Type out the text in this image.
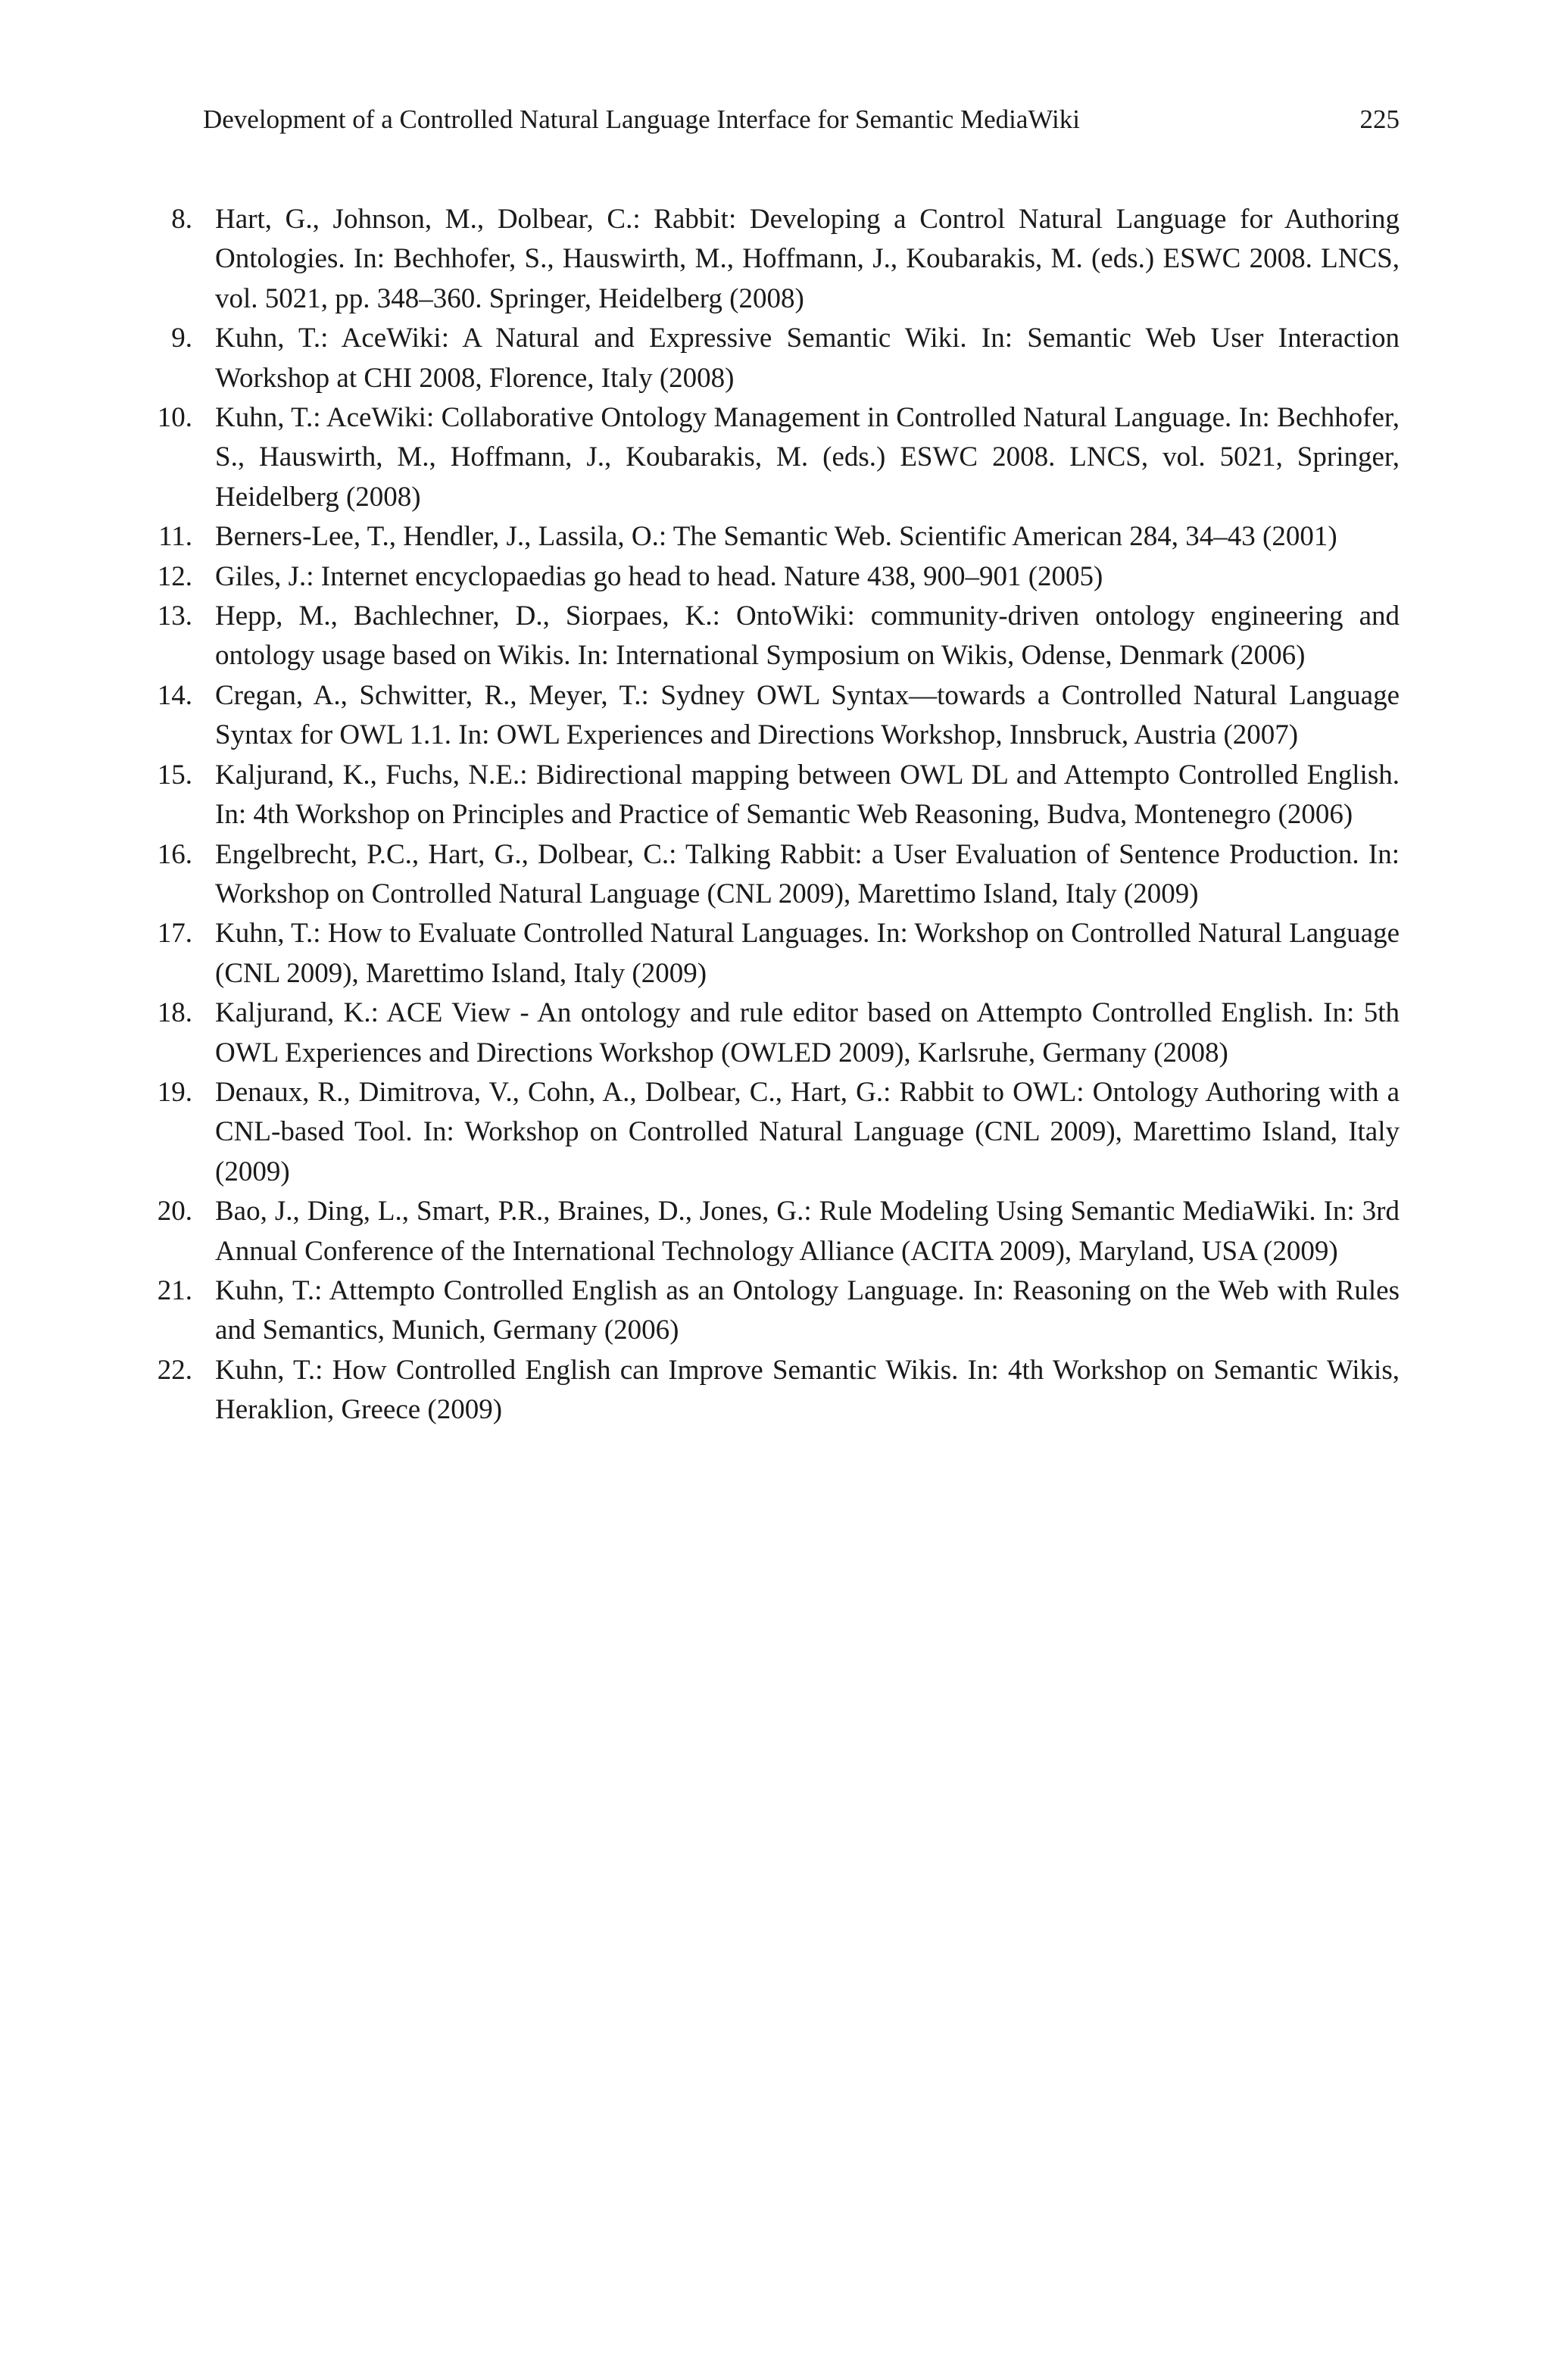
Development of a Controlled Natural Language Interface for Semantic MediaWiki	225
8. Hart, G., Johnson, M., Dolbear, C.: Rabbit: Developing a Control Natural Language for Authoring Ontologies. In: Bechhofer, S., Hauswirth, M., Hoffmann, J., Koubarakis, M. (eds.) ESWC 2008. LNCS, vol. 5021, pp. 348–360. Springer, Heidelberg (2008)
9. Kuhn, T.: AceWiki: A Natural and Expressive Semantic Wiki. In: Semantic Web User Interaction Workshop at CHI 2008, Florence, Italy (2008)
10. Kuhn, T.: AceWiki: Collaborative Ontology Management in Controlled Natural Language. In: Bechhofer, S., Hauswirth, M., Hoffmann, J., Koubarakis, M. (eds.) ESWC 2008. LNCS, vol. 5021, Springer, Heidelberg (2008)
11. Berners-Lee, T., Hendler, J., Lassila, O.: The Semantic Web. Scientific American 284, 34–43 (2001)
12. Giles, J.: Internet encyclopaedias go head to head. Nature 438, 900–901 (2005)
13. Hepp, M., Bachlechner, D., Siorpaes, K.: OntoWiki: community-driven ontology engineering and ontology usage based on Wikis. In: International Symposium on Wikis, Odense, Denmark (2006)
14. Cregan, A., Schwitter, R., Meyer, T.: Sydney OWL Syntax—towards a Controlled Natural Language Syntax for OWL 1.1. In: OWL Experiences and Directions Workshop, Innsbruck, Austria (2007)
15. Kaljurand, K., Fuchs, N.E.: Bidirectional mapping between OWL DL and Attempto Controlled English. In: 4th Workshop on Principles and Practice of Semantic Web Reasoning, Budva, Montenegro (2006)
16. Engelbrecht, P.C., Hart, G., Dolbear, C.: Talking Rabbit: a User Evaluation of Sentence Production. In: Workshop on Controlled Natural Language (CNL 2009), Marettimo Island, Italy (2009)
17. Kuhn, T.: How to Evaluate Controlled Natural Languages. In: Workshop on Controlled Natural Language (CNL 2009), Marettimo Island, Italy (2009)
18. Kaljurand, K.: ACE View - An ontology and rule editor based on Attempto Controlled English. In: 5th OWL Experiences and Directions Workshop (OWLED 2009), Karlsruhe, Germany (2008)
19. Denaux, R., Dimitrova, V., Cohn, A., Dolbear, C., Hart, G.: Rabbit to OWL: Ontology Authoring with a CNL-based Tool. In: Workshop on Controlled Natural Language (CNL 2009), Marettimo Island, Italy (2009)
20. Bao, J., Ding, L., Smart, P.R., Braines, D., Jones, G.: Rule Modeling Using Semantic MediaWiki. In: 3rd Annual Conference of the International Technology Alliance (ACITA 2009), Maryland, USA (2009)
21. Kuhn, T.: Attempto Controlled English as an Ontology Language. In: Reasoning on the Web with Rules and Semantics, Munich, Germany (2006)
22. Kuhn, T.: How Controlled English can Improve Semantic Wikis. In: 4th Workshop on Semantic Wikis, Heraklion, Greece (2009)
